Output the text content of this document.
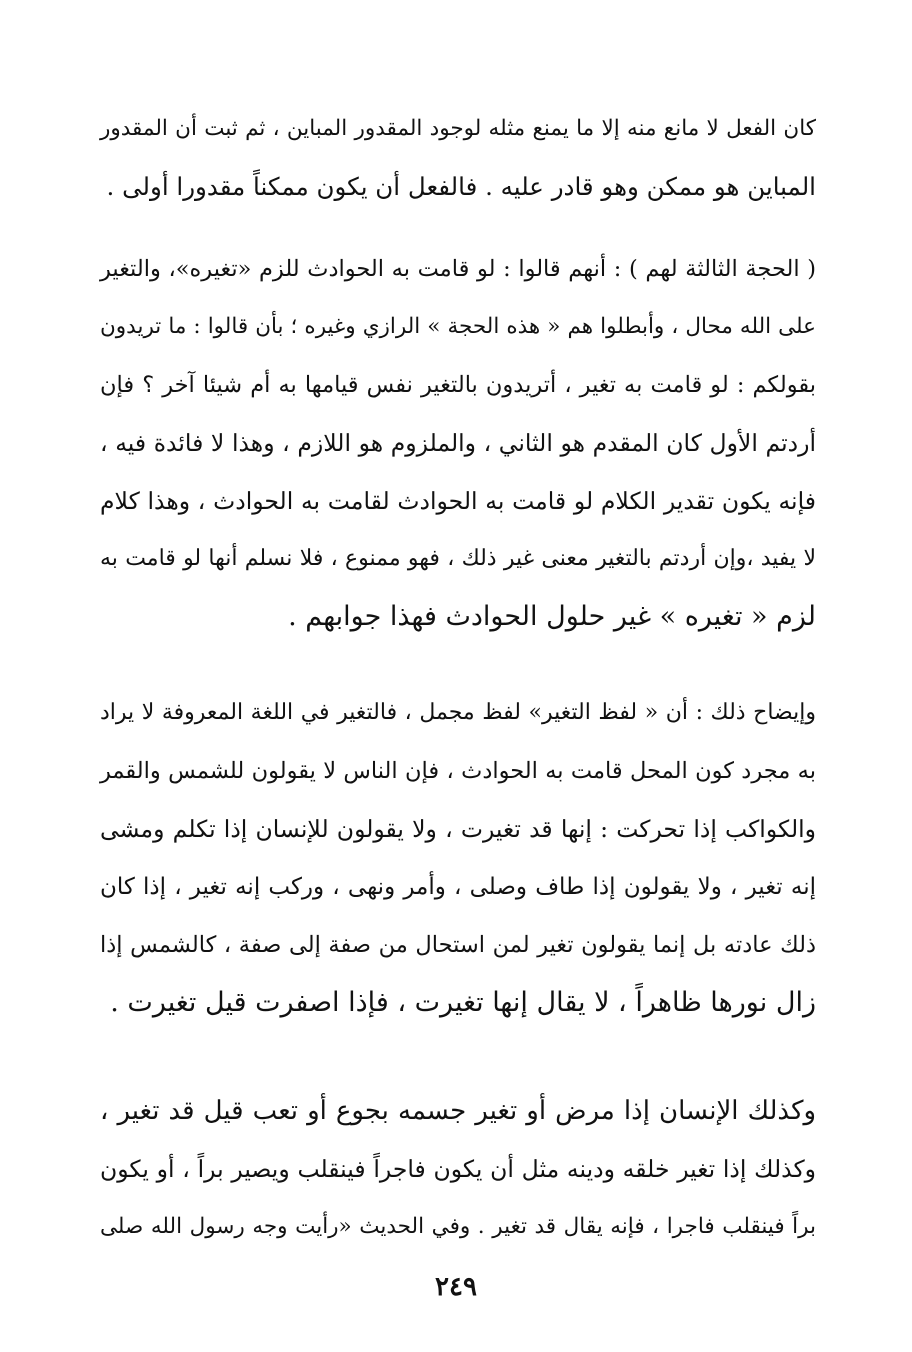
كان الفعل لا مانع منه إلا ما يمنع مثله لوجود المقدور المباين ، ثم ثبت أن المقدور
المباين هو ممكن وهو قادر عليه . فالفعل أن يكون ممكناً مقدورا أولى .
( الحجة الثالثة لهم ) : أنهم قالوا : لو قامت به الحوادث للزم «تغيره»، والتغير
على الله محال ، وأبطلوا هم « هذه الحجة » الرازي وغيره ؛ بأن قالوا : ما تريدون
بقولكم : لو قامت به تغير ، أتريدون بالتغير نفس قيامها به أم شيئا آخر ؟ فإن
أردتم الأول كان المقدم هو الثاني ، والملزوم هو اللازم ، وهذا لا فائدة فيه ،
فإنه يكون تقدير الكلام لو قامت به الحوادث لقامت به الحوادث ، وهذا كلام
لا يفيد ،وإن أردتم بالتغير معنى غير ذلك ، فهو ممنوع ، فلا نسلم أنها لو قامت به
لزم « تغيره » غير حلول الحوادث فهذا جوابهم .
وإيضاح ذلك : أن « لفظ التغير» لفظ مجمل ، فالتغير في اللغة المعروفة لا يراد
به مجرد كون المحل قامت به الحوادث ، فإن الناس لا يقولون للشمس والقمر
والكواكب إذا تحركت : إنها قد تغيرت ، ولا يقولون للإنسان إذا تكلم ومشى
إنه تغير ، ولا يقولون إذا طاف وصلى ، وأمر ونهى ، وركب إنه تغير ، إذا كان
ذلك عادته بل إنما يقولون تغير لمن استحال من صفة إلى صفة ، كالشمس إذا
زال نورها ظاهراً ، لا يقال إنها تغيرت ، فإذا اصفرت قيل تغيرت .
وكذلك الإنسان إذا مرض أو تغير جسمه بجوع أو تعب قيل قد تغير ،
وكذلك إذا تغير خلقه ودينه مثل أن يكون فاجراً فينقلب ويصير براً ، أو يكون
براً فينقلب فاجرا ، فإنه يقال قد تغير . وفي الحديث «رأيت وجه رسول الله صلى
٢٤٩
